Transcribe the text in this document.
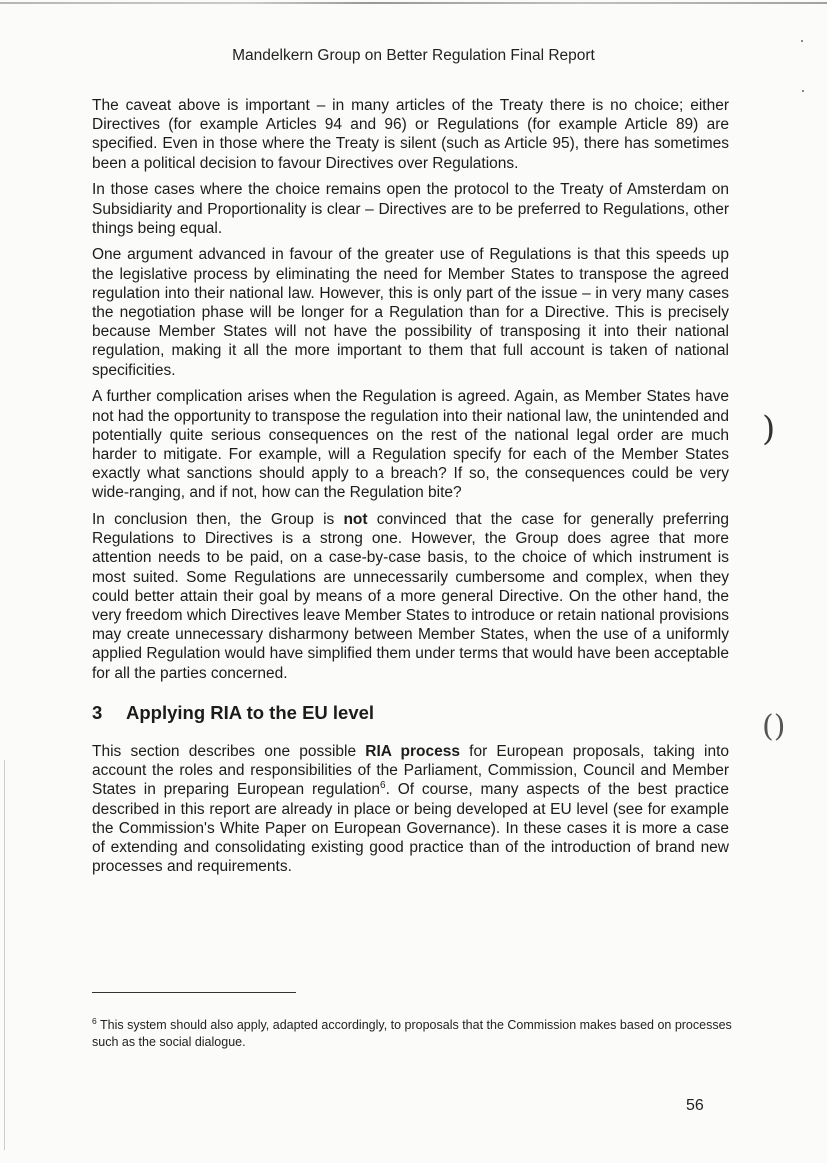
Mandelkern Group on Better Regulation Final Report

The caveat above is important – in many articles of the Treaty there is no choice; either Directives (for example Articles 94 and 96) or Regulations (for example Article 89) are specified. Even in those where the Treaty is silent (such as Article 95), there has sometimes been a political decision to favour Directives over Regulations.

In those cases where the choice remains open the protocol to the Treaty of Amsterdam on Subsidiarity and Proportionality is clear – Directives are to be preferred to Regulations, other things being equal.

One argument advanced in favour of the greater use of Regulations is that this speeds up the legislative process by eliminating the need for Member States to transpose the agreed regulation into their national law. However, this is only part of the issue – in very many cases the negotiation phase will be longer for a Regulation than for a Directive. This is precisely because Member States will not have the possibility of transposing it into their national regulation, making it all the more important to them that full account is taken of national specificities.

A further complication arises when the Regulation is agreed. Again, as Member States have not had the opportunity to transpose the regulation into their national law, the unintended and potentially quite serious consequences on the rest of the national legal order are much harder to mitigate. For example, will a Regulation specify for each of the Member States exactly what sanctions should apply to a breach? If so, the consequences could be very wide-ranging, and if not, how can the Regulation bite?

In conclusion then, the Group is not convinced that the case for generally preferring Regulations to Directives is a strong one. However, the Group does agree that more attention needs to be paid, on a case-by-case basis, to the choice of which instrument is most suited. Some Regulations are unnecessarily cumbersome and complex, when they could better attain their goal by means of a more general Directive. On the other hand, the very freedom which Directives leave Member States to introduce or retain national provisions may create unnecessary disharmony between Member States, when the use of a uniformly applied Regulation would have simplified them under terms that would have been acceptable for all the parties concerned.

3 Applying RIA to the EU level

This section describes one possible RIA process for European proposals, taking into account the roles and responsibilities of the Parliament, Commission, Council and Member States in preparing European regulation$^6$. Of course, many aspects of the best practice described in this report are already in place or being developed at EU level (see for example the Commission's White Paper on European Governance). In these cases it is more a case of extending and consolidating existing good practice than of the introduction of brand new processes and requirements.

$^6$ This system should also apply, adapted accordingly, to proposals that the Commission makes based on processes such as the social dialogue.
56
)
()
